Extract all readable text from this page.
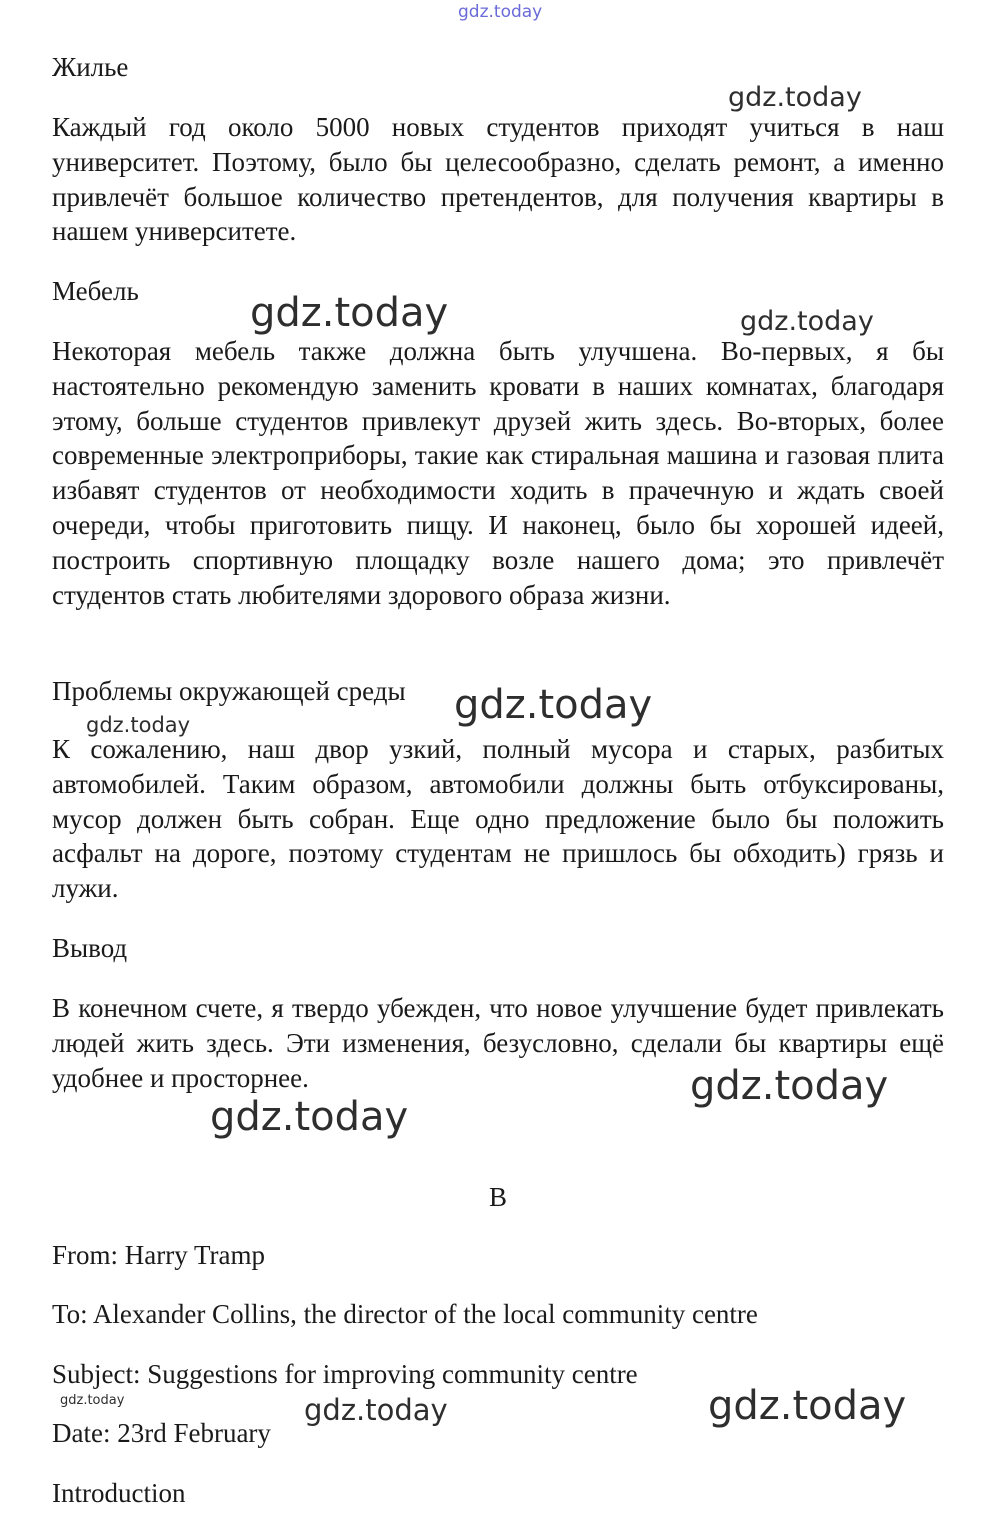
gdz.today
Жилье
gdz.today
Каждый год около 5000 новых студентов приходят учиться в наш университет. Поэтому, было бы целесообразно, сделать ремонт, а именно привлечёт большое количество претендентов, для получения квартиры в нашем университете.
Мебель	gdz.today	gdz.today
Некоторая мебель также должна быть улучшена. Во-первых, я бы настоятельно рекомендую заменить кровати в наших комнатах, благодаря этому, больше студентов привлекут друзей жить здесь. Во-вторых, более современные электроприборы, такие как стиральная машина и газовая плита избавят студентов от необходимости ходить в прачечную и ждать своей очереди, чтобы приготовить пищу. И наконец, было бы хорошей идеей, построить спортивную площадку возле нашего дома; это привлечёт студентов стать любителями здорового образа жизни.
Проблемы окружающей среды gdz.today
gdz.today
К сожалению, наш двор узкий, полный мусора и старых, разбитых автомобилей. Таким образом, автомобили должны быть отбуксированы, мусор должен быть собран. Еще одно предложение было бы положить асфальт на дороге, поэтому студентам не пришлось бы обходить) грязь и лужи.
Вывод
В конечном счете, я твердо убежден, что новое улучшение будет привлекать людей жить здесь. Эти изменения, безусловно, сделали бы квартиры ещё удобнее и просторнее.	gdz.today
gdz.today
B
From: Harry Tramp
To: Alexander Collins, the director of the local community centre
Subject: Suggestions for improving community centre
gdz.today	gdz.today	gdz.today
Date: 23rd February
Introduction
